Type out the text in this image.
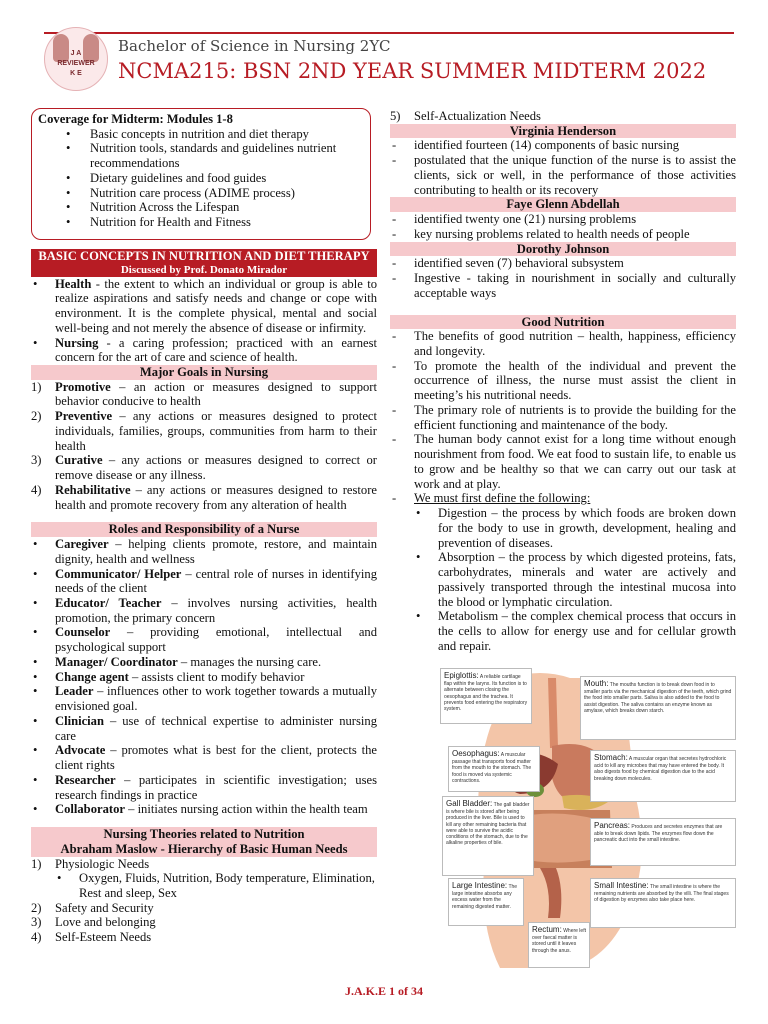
J A
REVIEWER
K E
Bachelor of Science in Nursing 2YC
NCMA215: BSN 2ND YEAR SUMMER MIDTERM 2022
Coverage for Midterm: Modules 1-8
• Basic concepts in nutrition and diet therapy
• Nutrition tools, standards and guidelines nutrient recommendations
• Dietary guidelines and food guides
• Nutrition care process (ADIME process)
• Nutrition Across the Lifespan
• Nutrition for Health and Fitness
BASIC CONCEPTS IN NUTRITION AND DIET THERAPY
Discussed by Prof. Donato Mirador
• Health - the extent to which an individual or group is able to realize aspirations and satisfy needs and change or cope with environment. It is the complete physical, mental and social well-being and not merely the absence of disease or infirmity.
• Nursing - a caring profession; practiced with an earnest concern for the art of care and science of health.
Major Goals in Nursing
1) Promotive – an action or measures designed to support behavior conducive to health
2) Preventive – any actions or measures designed to protect individuals, families, groups, communities from harm to their health
3) Curative – any actions or measures designed to correct or remove disease or any illness.
4) Rehabilitative – any actions or measures designed to restore health and promote recovery from any alteration of health
Roles and Responsibility of a Nurse
• Caregiver – helping clients promote, restore, and maintain dignity, health and wellness
• Communicator/ Helper – central role of nurses in identifying needs of the client
• Educator/ Teacher – involves nursing activities, health promotion, the primary concern
• Counselor – providing emotional, intellectual and psychological support
• Manager/ Coordinator – manages the nursing care.
• Change agent – assists client to modify behavior
• Leader – influences other to work together towards a mutually envisioned goal.
• Clinician – use of technical expertise to administer nursing care
• Advocate – promotes what is best for the client, protects the client rights
• Researcher – participates in scientific investigation; uses research findings in practice
• Collaborator – initiates nursing action within the health team
Nursing Theories related to Nutrition
Abraham Maslow - Hierarchy of Basic Human Needs
1) Physiologic Needs
• Oxygen, Fluids, Nutrition, Body temperature, Elimination, Rest and sleep, Sex
2) Safety and Security
3) Love and belonging
4) Self-Esteem Needs
5) Self-Actualization Needs
Virginia Henderson
- identified fourteen (14) components of basic nursing
- postulated that the unique function of the nurse is to assist the clients, sick or well, in the performance of those activities contributing to health or its recovery
Faye Glenn Abdellah
- identified twenty one (21) nursing problems
- key nursing problems related to health needs of people
Dorothy Johnson
- identified seven (7) behavioral subsystem
- Ingestive - taking in nourishment in socially and culturally acceptable ways
Good Nutrition
- The benefits of good nutrition – health, happiness, efficiency and longevity.
- To promote the health of the individual and prevent the occurrence of illness, the nurse must assist the client in meeting’s his nutritional needs.
- The primary role of nutrients is to provide the building for the efficient functioning and maintenance of the body.
- The human body cannot exist for a long time without enough nourishment from food. We eat food to sustain life, to enable us to grow and be healthy so that we can carry out our task at work and at play.
- We must first define the following:
• Digestion – the process by which foods are broken down for the body to use in growth, development, healing and prevention of diseases.
• Absorption – the process by which digested proteins, fats, carbohydrates, minerals and water are actively and passively transported through the intestinal mucosa into the blood or lymphatic circulation.
• Metabolism – the complex chemical process that occurs in the cells to allow for energy use and for cellular growth and repair.
Epiglottis: A reliable cartilage flap within the larynx. Its function is to alternate between closing the oesophagus and the trachea. It prevents food entering the respiratory system.
Mouth: The mouths function is to break down food in to smaller parts via the mechanical digestion of the teeth, which grind the food into smaller parts. Saliva is also added to the food to assist digestion. The saliva contains an enzyme known as amylase, which breaks down starch.
Oesophagus: A muscular passage that transports food matter from the mouth to the stomach. The food is moved via systemic contractions.
Stomach: A muscular organ that secretes hydrochloric acid to kill any microbes that may have entered the body. It also digests food by chemical digestion due to the acid breaking down molecules.
Gall Bladder: The gall bladder is where bile is stored after being produced in the liver. Bile is used to kill any other remaining bacteria that were able to survive the acidic conditions of the stomach, due to the alkaline properties of bile.
Pancreas: Produces and secretes enzymes that are able to break down lipids. The enzymes flow down the pancreatic duct into the small intestine.
Large Intestine: The large intestine absorbs any excess water from the remaining digested matter.
Small Intestine: The small intestine is where the remaining nutrients are absorbed by the villi. The final stages of digestion by enzymes also take place here.
Rectum: Where left over faecal matter is stored until it leaves through the anus.
J.A.K.E 1 of 34
